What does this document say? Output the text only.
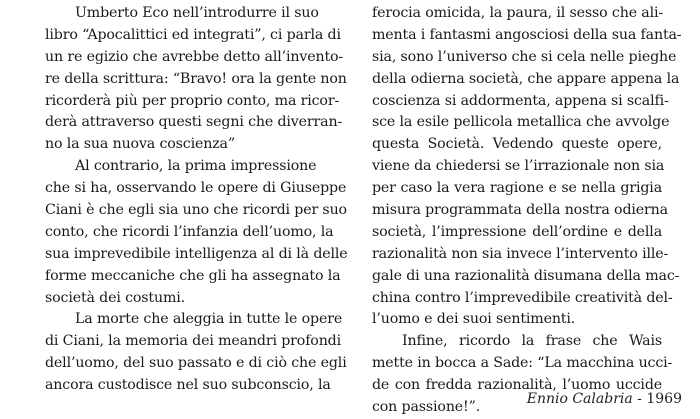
Umberto Eco nell’introdurre il suo
libro “Apocalittici ed integrati”, ci parla di
un re egizio che avrebbe detto all’invento-
re della scrittura: “Bravo! ora la gente non
ricorderà più per proprio conto, ma ricor-
derà attraverso questi segni che diverran-
no la sua nuova coscienza”
Al contrario, la prima impressione
che si ha, osservando le opere di Giuseppe
Ciani è che egli sia uno che ricordi per suo
conto, che ricordi l’infanzia dell’uomo, la
sua imprevedibile intelligenza al di là delle
forme meccaniche che gli ha assegnato la
società dei costumi.
La morte che aleggia in tutte le opere
di Ciani, la memoria dei meandri profondi
dell’uomo, del suo passato e di ciò che egli
ancora custodisce nel suo subconscio, la
ferocia omicida, la paura, il sesso che ali-
menta i fantasmi angosciosi della sua fanta-
sia, sono l’universo che si cela nelle pieghe
della odierna società, che appare appena la
coscienza si addormenta, appena si scalfi-
sce la esile pellicola metallica che avvolge
questa Società. Vedendo queste opere,
viene da chiedersi se l’irrazionale non sia
per caso la vera ragione e se nella grigia
misura programmata della nostra odierna
società, l’impressione dell’ordine e della
razionalità non sia invece l’intervento ille-
gale di una razionalità disumana della mac-
china contro l’imprevedibile creatività del-
l’uomo e dei suoi sentimenti.
Infine, ricordo la frase che Wais
mette in bocca a Sade: “La macchina ucci-
de con fredda razionalità, l’uomo uccide
con passione!”.
Ennio Calabria - 1969
